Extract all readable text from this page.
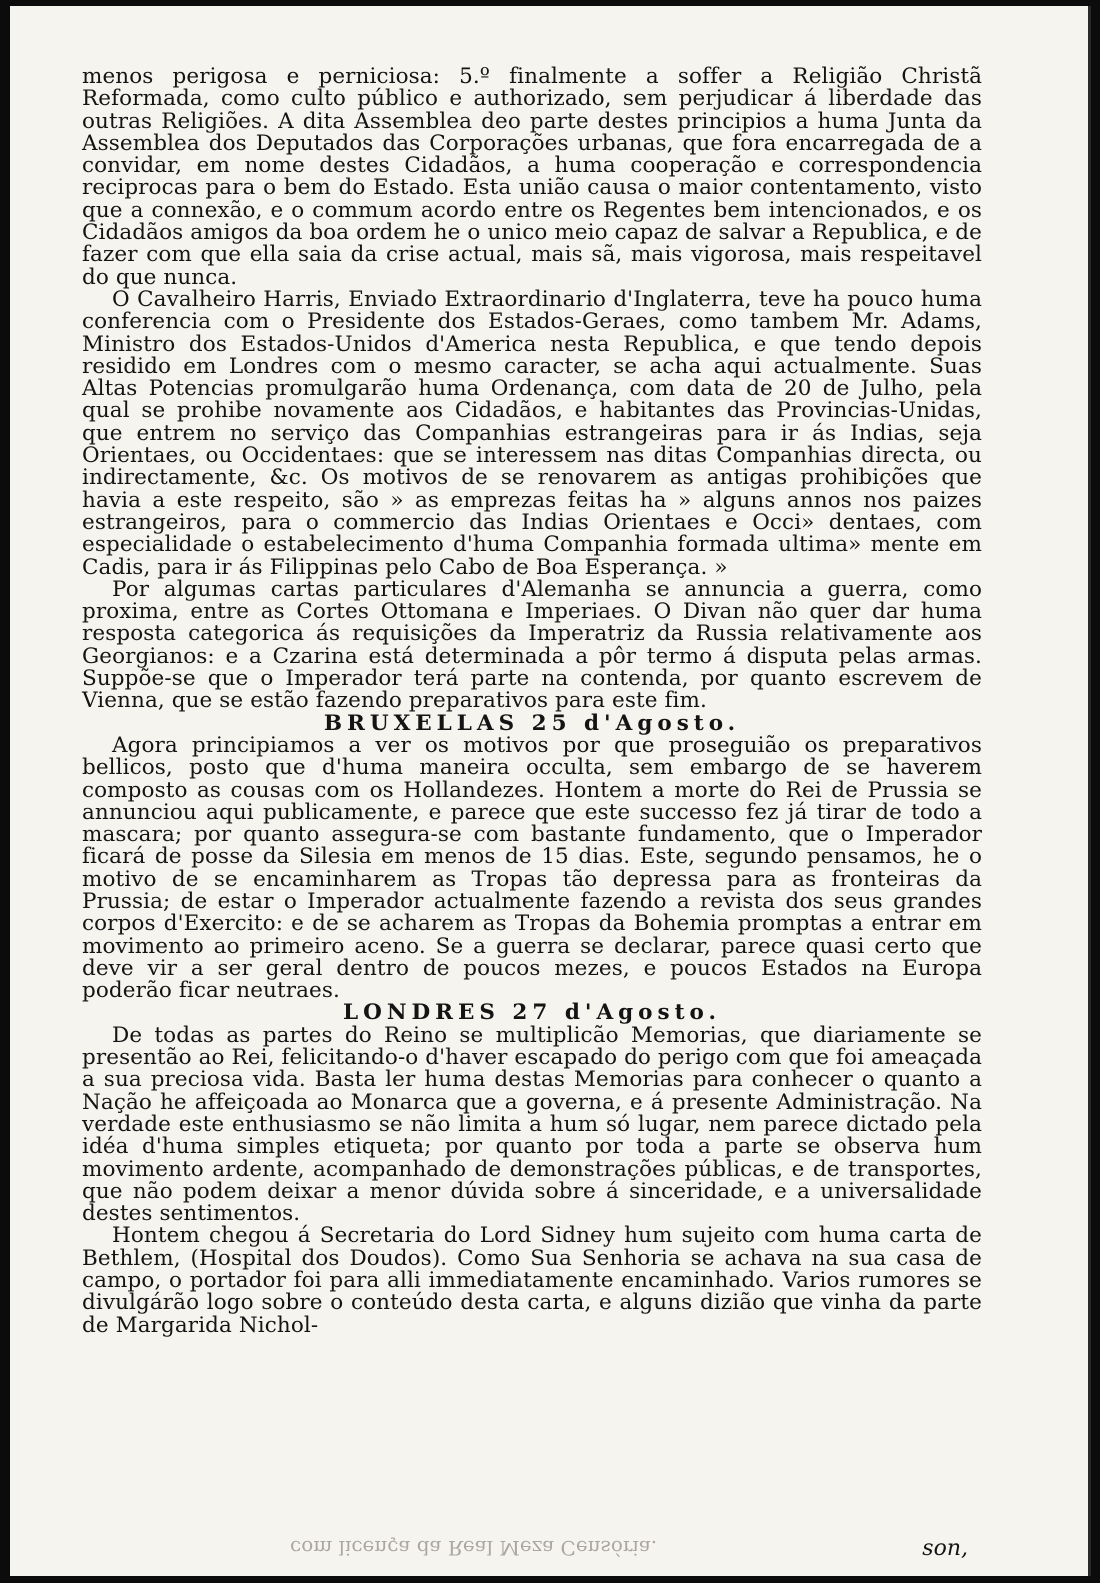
menos perigosa e perniciosa: 5.º finalmente a soffer a Religião Christã Reformada, como culto público e authorizado, sem perjudicar á liberdade das outras Religiões. A dita Assemblea deo parte destes principios a huma Junta da Assemblea dos Deputados das Corporações urbanas, que fora encarregada de a convidar, em nome destes Cidadãos, a huma cooperação e correspondencia reciprocas para o bem do Estado. Esta união causa o maior contentamento, visto que a connexão, e o commum acordo entre os Regentes bem intencionados, e os Cidadãos amigos da boa ordem he o unico meio capaz de salvar a Republica, e de fazer com que ella saia da crise actual, mais sã, mais vigorosa, mais respeitavel do que nunca.

O Cavalheiro Harris, Enviado Extraordinario d'Inglaterra, teve ha pouco huma conferencia com o Presidente dos Estados-Geraes, como tambem Mr. Adams, Ministro dos Estados-Unidos d'America nesta Republica, e que tendo depois residido em Londres com o mesmo caracter, se acha aqui actualmente. Suas Altas Potencias promulgarão huma Ordenança, com data de 20 de Julho, pela qual se prohibe novamente aos Cidadãos, e habitantes das Provincias-Unidas, que entrem no serviço das Companhias estrangeiras para ir ás Indias, seja Orientaes, ou Occidentaes: que se interessem nas ditas Companhias directa, ou indirectamente, &c. Os motivos de se renovarem as antigas prohibições que havia a este respeito, são » as emprezas feitas ha » alguns annos nos paizes estrangeiros, para o commercio das Indias Orientaes e Occi» dentaes, com especialidade o estabelecimento d'huma Companhia formada ultima» mente em Cadis, para ir ás Filippinas pelo Cabo de Boa Esperança. »

Por algumas cartas particulares d'Alemanha se annuncia a guerra, como proxima, entre as Cortes Ottomana e Imperiaes. O Divan não quer dar huma resposta categorica ás requisições da Imperatriz da Russia relativamente aos Georgianos: e a Czarina está determinada a pôr termo á disputa pelas armas. Suppõe-se que o Imperador terá parte na contenda, por quanto escrevem de Vienna, que se estão fazendo preparativos para este fim.

BRUXELLAS 25 d'Agosto.

Agora principiamos a ver os motivos por que proseguião os preparativos bellicos, posto que d'huma maneira occulta, sem embargo de se haverem composto as cousas com os Hollandezes. Hontem a morte do Rei de Prussia se annunciou aqui publicamente, e parece que este successo fez já tirar de todo a mascara; por quanto assegura-se com bastante fundamento, que o Imperador ficará de posse da Silesia em menos de 15 dias. Este, segundo pensamos, he o motivo de se encaminharem as Tropas tão depressa para as fronteiras da Prussia; de estar o Imperador actualmente fazendo a revista dos seus grandes corpos d'Exercito: e de se acharem as Tropas da Bohemia promptas a entrar em movimento ao primeiro aceno. Se a guerra se declarar, parece quasi certo que deve vir a ser geral dentro de poucos mezes, e poucos Estados na Europa poderão ficar neutraes.

LONDRES 27 d'Agosto.

De todas as partes do Reino se multiplicão Memorias, que diariamente se presentão ao Rei, felicitando-o d'haver escapado do perigo com que foi ameaçada a sua preciosa vida. Basta ler huma destas Memorias para conhecer o quanto a Nação he affeiçoada ao Monarca que a governa, e á presente Administração. Na verdade este enthusiasmo se não limita a hum só lugar, nem parece dictado pela idéa d'huma simples etiqueta; por quanto por toda a parte se observa hum movimento ardente, acompanhado de demonstrações públicas, e de transportes, que não podem deixar a menor dúvida sobre á sinceridade, e a universalidade destes sentimentos.

Hontem chegou á Secretaria do Lord Sidney hum sujeito com huma carta de Bethlem, (Hospital dos Doudos). Como Sua Senhoria se achava na sua casa de campo, o portador foi para alli immediatamente encaminhado. Varios rumores se divulgárão logo sobre o conteúdo desta carta, e alguns dizião que vinha da parte de Margarida Nichol-

com licença da Real Meza Censória.	son,
